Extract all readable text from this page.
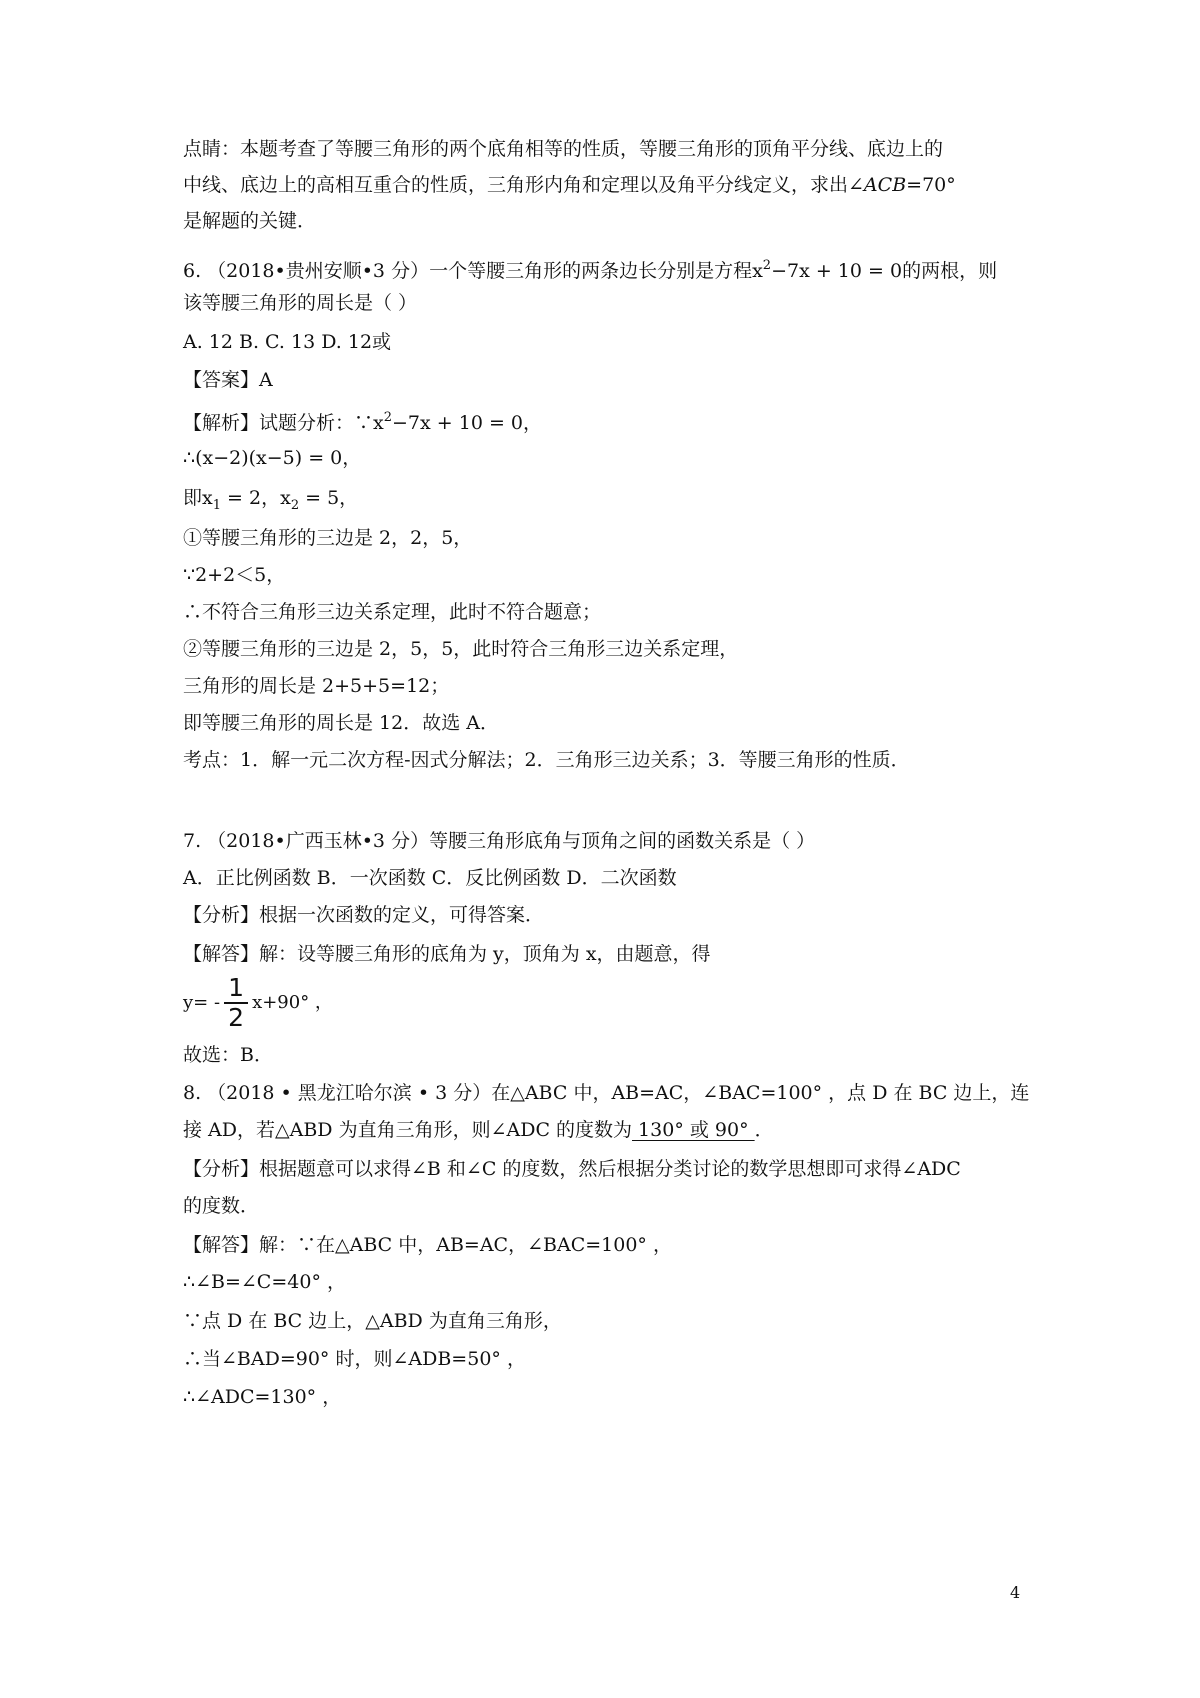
点睛：本题考查了等腰三角形的两个底角相等的性质，等腰三角形的顶角平分线、底边上的
中线、底边上的高相互重合的性质，三角形内角和定理以及角平分线定义，求出∠ACB=70°
是解题的关键．
6. （2018•贵州安顺•3 分）一个等腰三角形的两条边长分别是方程$x^2-7x + 10 = 0$的两根，则
该等腰三角形的周长是（ ）
A. 12 B. C. 13 D. 12或
【答案】A
【解析】试题分析：$\because x^2-7x + 10 = 0$，
∴(x−2)(x−5) = 0，
即$x_1 = 2$，$x_2 = 5$，
①等腰三角形的三边是 2，2，5，
∵2+2＜5，
∴不符合三角形三边关系定理，此时不符合题意；
②等腰三角形的三边是 2，5，5，此时符合三角形三边关系定理，
三角形的周长是 2+5+5=12；
即等腰三角形的周长是 12．故选 A．
考点：1．解一元二次方程-因式分解法；2．三角形三边关系；3．等腰三角形的性质．
7. （2018•广西玉林•3 分）等腰三角形底角与顶角之间的函数关系是（ ）
A．正比例函数 B．一次函数 C．反比例函数 D．二次函数
【分析】根据一次函数的定义，可得答案．
【解答】解：设等腰三角形的底角为 y，顶角为 x，由题意，得
$y= - \frac{1}{2} x+90^\circ$ ，
故选：B．
8. （2018 • 黑龙江哈尔滨 • 3 分）在△ABC 中，AB=AC，∠BAC=100° ，点 D 在 BC 边上，连
接 AD，若△ABD 为直角三角形，则∠ADC 的度数为 130° 或 90° ．
【分析】根据题意可以求得∠B 和∠C 的度数，然后根据分类讨论的数学思想即可求得∠ADC
的度数．
【解答】解：∵在△ABC 中，AB=AC，∠BAC=100° ，
∴∠B=∠C=40° ，
∵点 D 在 BC 边上，△ABD 为直角三角形，
∴当∠BAD=90° 时，则∠ADB=50° ，
∴∠ADC=130° ，
4
